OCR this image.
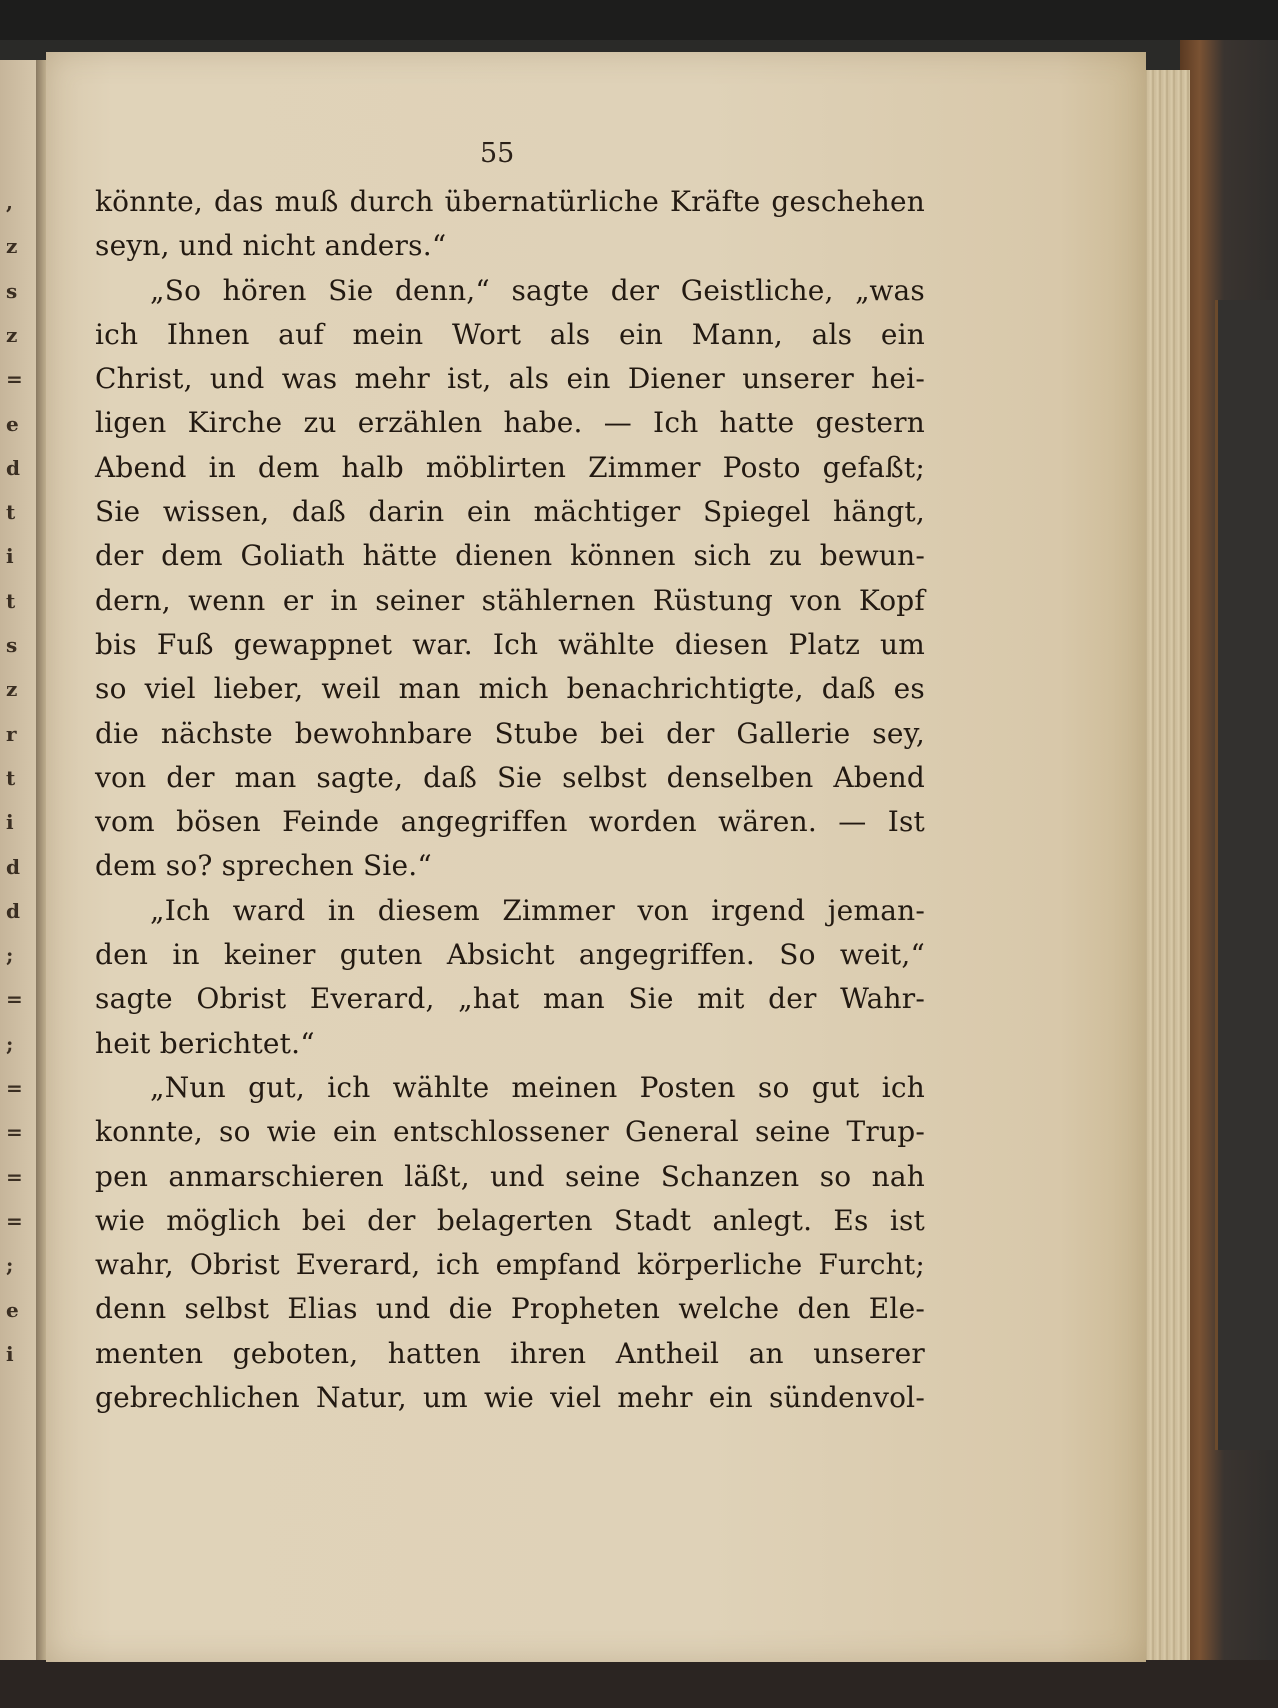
,
z
s
z
=
e
d
t
i
t
s
z
r
t
i
d
d
;
=
;
=
=
=
=
;
e
i
55
könnte, das muß durch übernatürliche Kräfte geschehen
seyn, und nicht anders.“
„So hören Sie denn,“ sagte der Geistliche, „was
ich Ihnen auf mein Wort als ein Mann, als ein
Christ, und was mehr ist, als ein Diener unserer hei-
ligen Kirche zu erzählen habe. — Ich hatte gestern
Abend in dem halb möblirten Zimmer Posto gefaßt;
Sie wissen, daß darin ein mächtiger Spiegel hängt,
der dem Goliath hätte dienen können sich zu bewun-
dern, wenn er in seiner stählernen Rüstung von Kopf
bis Fuß gewappnet war. Ich wählte diesen Platz um
so viel lieber, weil man mich benachrichtigte, daß es
die nächste bewohnbare Stube bei der Gallerie sey,
von der man sagte, daß Sie selbst denselben Abend
vom bösen Feinde angegriffen worden wären. — Ist
dem so? sprechen Sie.“
„Ich ward in diesem Zimmer von irgend jeman-
den in keiner guten Absicht angegriffen. So weit,“
sagte Obrist Everard, „hat man Sie mit der Wahr-
heit berichtet.“
„Nun gut, ich wählte meinen Posten so gut ich
konnte, so wie ein entschlossener General seine Trup-
pen anmarschieren läßt, und seine Schanzen so nah
wie möglich bei der belagerten Stadt anlegt. Es ist
wahr, Obrist Everard, ich empfand körperliche Furcht;
denn selbst Elias und die Propheten welche den Ele-
menten geboten, hatten ihren Antheil an unserer
gebrechlichen Natur, um wie viel mehr ein sündenvol-
